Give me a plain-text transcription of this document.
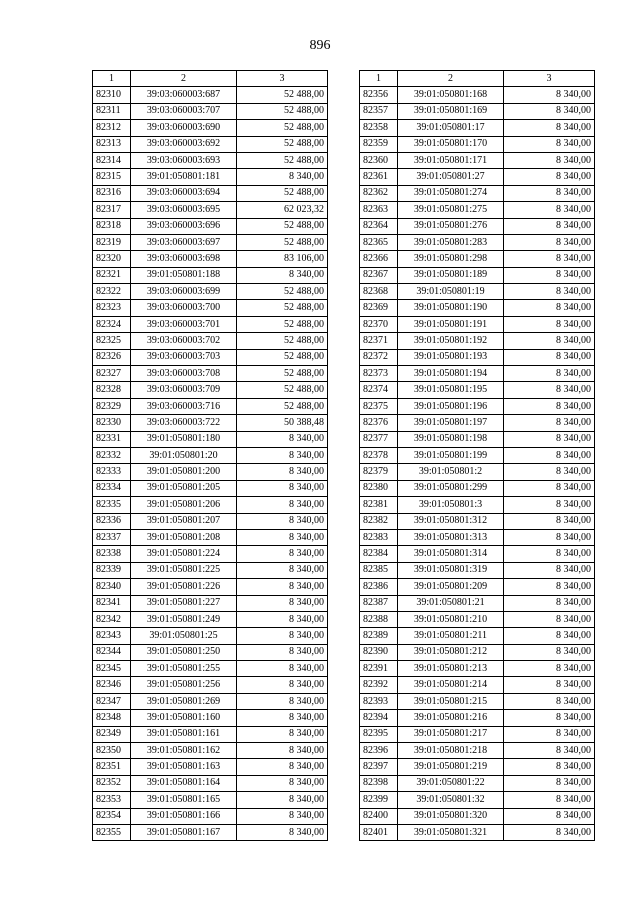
896
1	2	3
82310	39:03:060003:687	52 488,00
82311	39:03:060003:707	52 488,00
82312	39:03:060003:690	52 488,00
82313	39:03:060003:692	52 488,00
82314	39:03:060003:693	52 488,00
82315	39:01:050801:181	8 340,00
82316	39:03:060003:694	52 488,00
82317	39:03:060003:695	62 023,32
82318	39:03:060003:696	52 488,00
82319	39:03:060003:697	52 488,00
82320	39:03:060003:698	83 106,00
82321	39:01:050801:188	8 340,00
82322	39:03:060003:699	52 488,00
82323	39:03:060003:700	52 488,00
82324	39:03:060003:701	52 488,00
82325	39:03:060003:702	52 488,00
82326	39:03:060003:703	52 488,00
82327	39:03:060003:708	52 488,00
82328	39:03:060003:709	52 488,00
82329	39:03:060003:716	52 488,00
82330	39:03:060003:722	50 388,48
82331	39:01:050801:180	8 340,00
82332	39:01:050801:20	8 340,00
82333	39:01:050801:200	8 340,00
82334	39:01:050801:205	8 340,00
82335	39:01:050801:206	8 340,00
82336	39:01:050801:207	8 340,00
82337	39:01:050801:208	8 340,00
82338	39:01:050801:224	8 340,00
82339	39:01:050801:225	8 340,00
82340	39:01:050801:226	8 340,00
82341	39:01:050801:227	8 340,00
82342	39:01:050801:249	8 340,00
82343	39:01:050801:25	8 340,00
82344	39:01:050801:250	8 340,00
82345	39:01:050801:255	8 340,00
82346	39:01:050801:256	8 340,00
82347	39:01:050801:269	8 340,00
82348	39:01:050801:160	8 340,00
82349	39:01:050801:161	8 340,00
82350	39:01:050801:162	8 340,00
82351	39:01:050801:163	8 340,00
82352	39:01:050801:164	8 340,00
82353	39:01:050801:165	8 340,00
82354	39:01:050801:166	8 340,00
82355	39:01:050801:167	8 340,00
1	2	3
82356	39:01:050801:168	8 340,00
82357	39:01:050801:169	8 340,00
82358	39:01:050801:17	8 340,00
82359	39:01:050801:170	8 340,00
82360	39:01:050801:171	8 340,00
82361	39:01:050801:27	8 340,00
82362	39:01:050801:274	8 340,00
82363	39:01:050801:275	8 340,00
82364	39:01:050801:276	8 340,00
82365	39:01:050801:283	8 340,00
82366	39:01:050801:298	8 340,00
82367	39:01:050801:189	8 340,00
82368	39:01:050801:19	8 340,00
82369	39:01:050801:190	8 340,00
82370	39:01:050801:191	8 340,00
82371	39:01:050801:192	8 340,00
82372	39:01:050801:193	8 340,00
82373	39:01:050801:194	8 340,00
82374	39:01:050801:195	8 340,00
82375	39:01:050801:196	8 340,00
82376	39:01:050801:197	8 340,00
82377	39:01:050801:198	8 340,00
82378	39:01:050801:199	8 340,00
82379	39:01:050801:2	8 340,00
82380	39:01:050801:299	8 340,00
82381	39:01:050801:3	8 340,00
82382	39:01:050801:312	8 340,00
82383	39:01:050801:313	8 340,00
82384	39:01:050801:314	8 340,00
82385	39:01:050801:319	8 340,00
82386	39:01:050801:209	8 340,00
82387	39:01:050801:21	8 340,00
82388	39:01:050801:210	8 340,00
82389	39:01:050801:211	8 340,00
82390	39:01:050801:212	8 340,00
82391	39:01:050801:213	8 340,00
82392	39:01:050801:214	8 340,00
82393	39:01:050801:215	8 340,00
82394	39:01:050801:216	8 340,00
82395	39:01:050801:217	8 340,00
82396	39:01:050801:218	8 340,00
82397	39:01:050801:219	8 340,00
82398	39:01:050801:22	8 340,00
82399	39:01:050801:32	8 340,00
82400	39:01:050801:320	8 340,00
82401	39:01:050801:321	8 340,00
